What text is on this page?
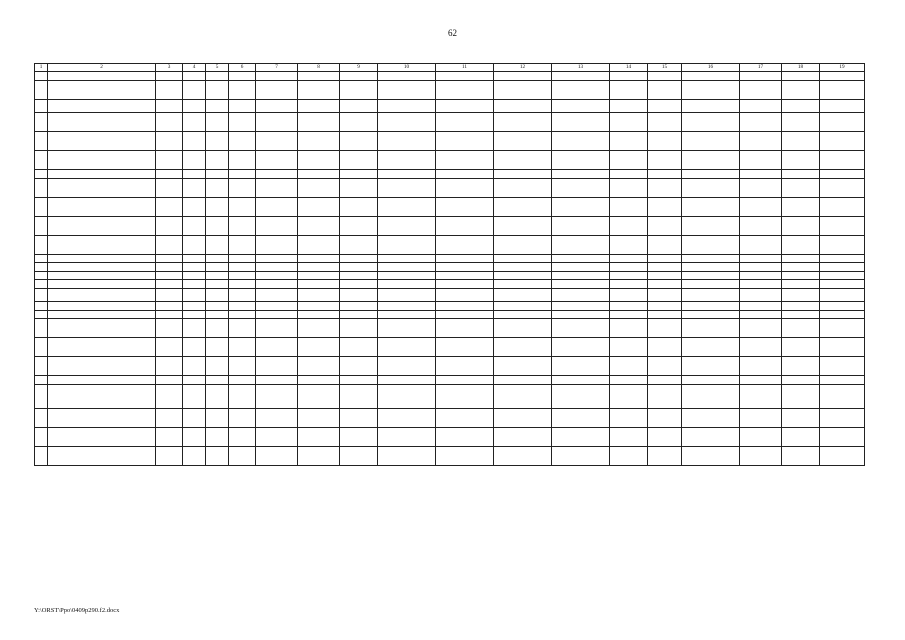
62
1	2	3	4	5	6	7	8	9	10	11	12	13	14	15	16	17	18	19

Y:\ORST\Ppo\0409p290.f2.docx
